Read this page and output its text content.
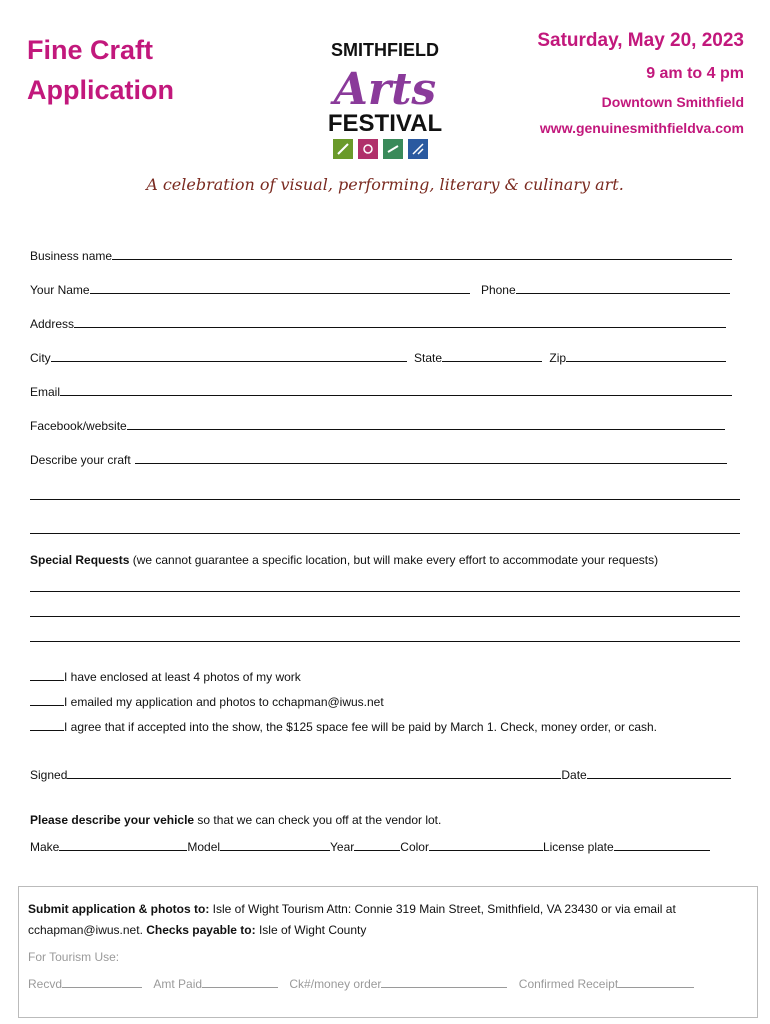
Fine Craft
Application
SMITHFIELD
Arts
FESTIVAL
Saturday, May 20, 2023
9 am to 4 pm
Downtown Smithfield
www.genuinesmithfieldva.com
A celebration of visual, performing, literary & culinary art.
Business name
Your Name	Phone
Address
City	State	Zip
Email
Facebook/website
Describe your craft
Special Requests (we cannot guarantee a specific location, but will make every effort to accommodate your requests)
I have enclosed at least 4 photos of my work
I emailed my application and photos to cchapman@iwus.net
I agree that if accepted into the show, the $125 space fee will be paid by March 1. Check, money order, or cash.
Signed	Date
Please describe your vehicle so that we can check you off at the vendor lot.
Make	Model	Year	Color	License plate
Submit application & photos to: Isle of Wight Tourism Attn: Connie 319 Main Street, Smithfield, VA 23430 or via email at cchapman@iwus.net. Checks payable to: Isle of Wight County
For Tourism Use:
Recvd	Amt Paid	Ck#/money order	Confirmed Receipt
